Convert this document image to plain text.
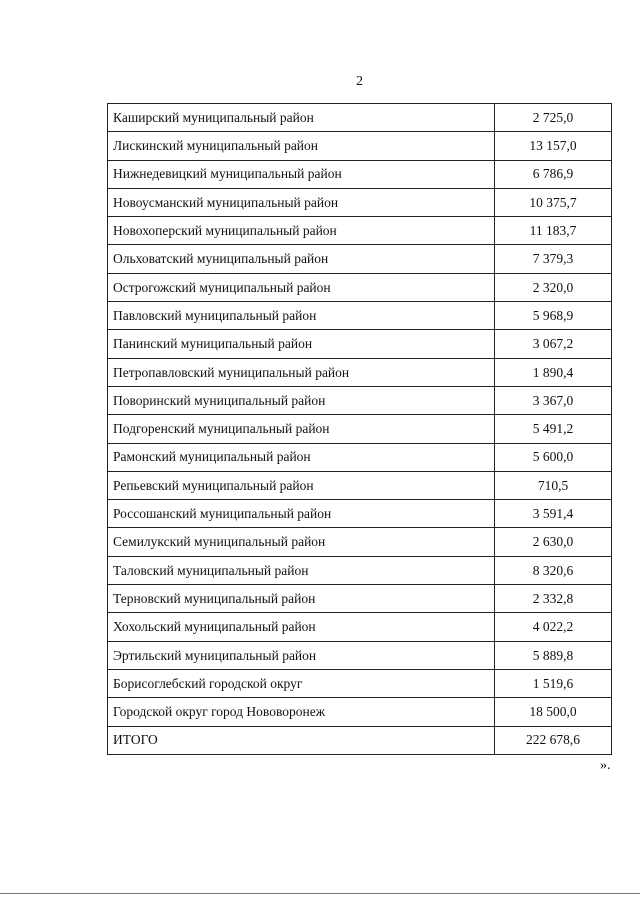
2
Каширский муниципальный район	2 725,0
Лискинский муниципальный район	13 157,0
Нижнедевицкий муниципальный район	6 786,9
Новоусманский муниципальный район	10 375,7
Новохоперский муниципальный район	11 183,7
Ольховатский муниципальный район	7 379,3
Острогожский муниципальный район	2 320,0
Павловский муниципальный район	5 968,9
Панинский муниципальный район	3 067,2
Петропавловский муниципальный район	1 890,4
Поворинский муниципальный район	3 367,0
Подгоренский муниципальный район	5 491,2
Рамонский муниципальный район	5 600,0
Репьевский муниципальный район	710,5
Россошанский муниципальный район	3 591,4
Семилукский муниципальный район	2 630,0
Таловский муниципальный район	8 320,6
Терновский муниципальный район	2 332,8
Хохольский муниципальный район	4 022,2
Эртильский муниципальный район	5 889,8
Борисоглебский городской округ	1 519,6
Городской округ город Нововоронеж	18 500,0
ИТОГО	222 678,6
».
